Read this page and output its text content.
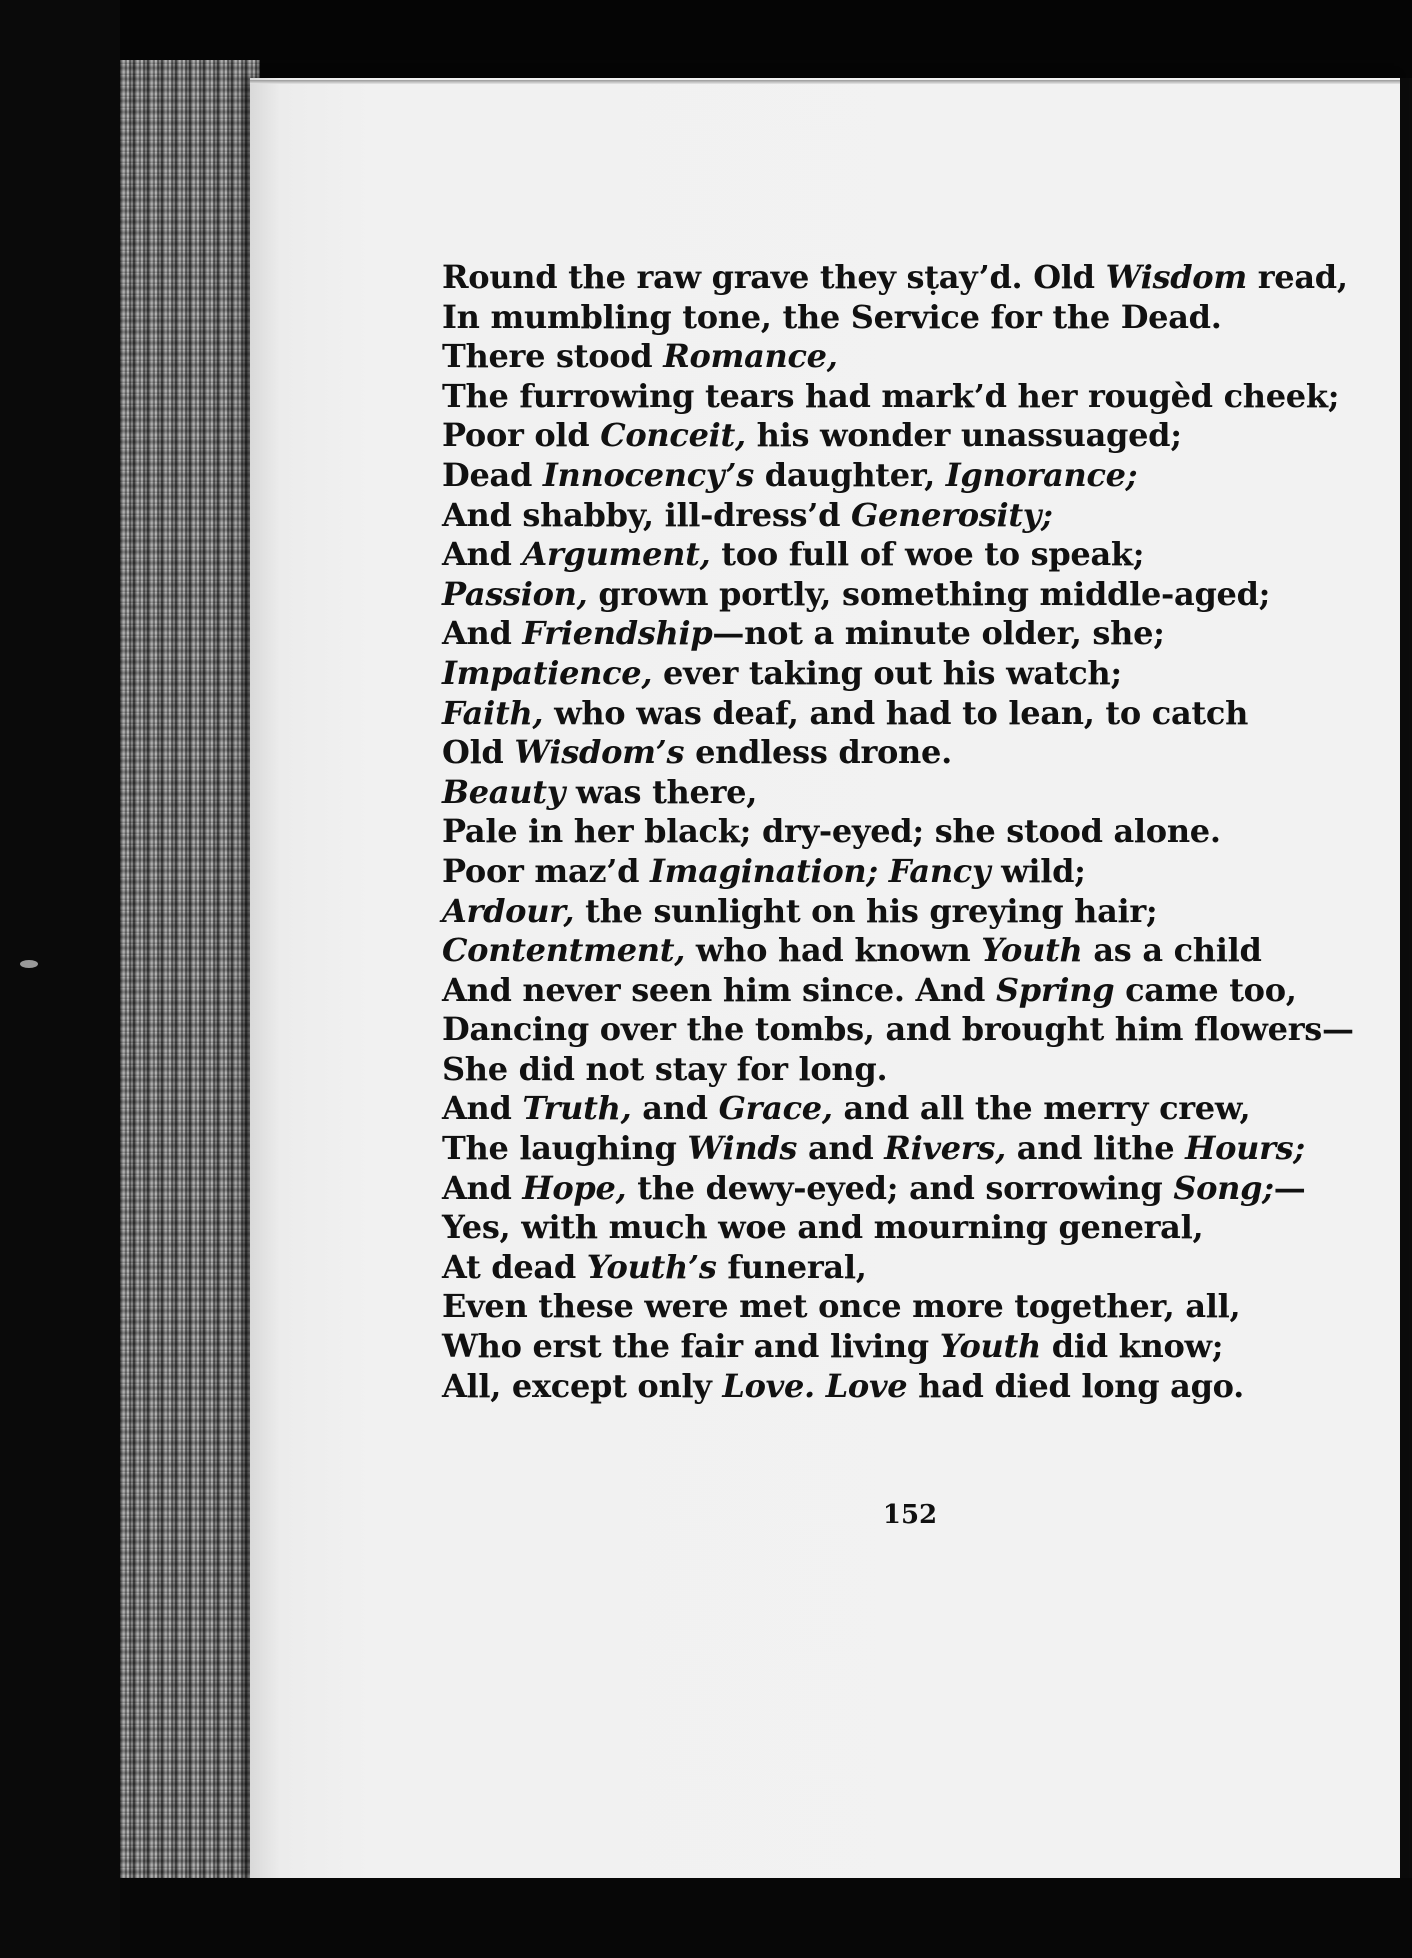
Round the raw grave they sṭay’d. Old Wisdom read,
In mumbling tone, the Service for the Dead.
There stood Romance,
The furrowing tears had mark’d her rougèd cheek;
Poor old Conceit, his wonder unassuaged;
Dead Innocency’s daughter, Ignorance;
And shabby, ill-dress’d Generosity;
And Argument, too full of woe to speak;
Passion, grown portly, something middle-aged;
And Friendship—not a minute older, she;
Impatience, ever taking out his watch;
Faith, who was deaf, and had to lean, to catch
Old Wisdom’s endless drone.
Beauty was there,
Pale in her black; dry-eyed; she stood alone.
Poor maz’d Imagination; Fancy wild;
Ardour, the sunlight on his greying hair;
Contentment, who had known Youth as a child
And never seen him since. And Spring came too,
Dancing over the tombs, and brought him flowers—
She did not stay for long.
And Truth, and Grace, and all the merry crew,
The laughing Winds and Rivers, and lithe Hours;
And Hope, the dewy-eyed; and sorrowing Song;—
Yes, with much woe and mourning general,
At dead Youth’s funeral,
Even these were met once more together, all,
Who erst the fair and living Youth did know;
All, except only Love. Love had died long ago.
152
